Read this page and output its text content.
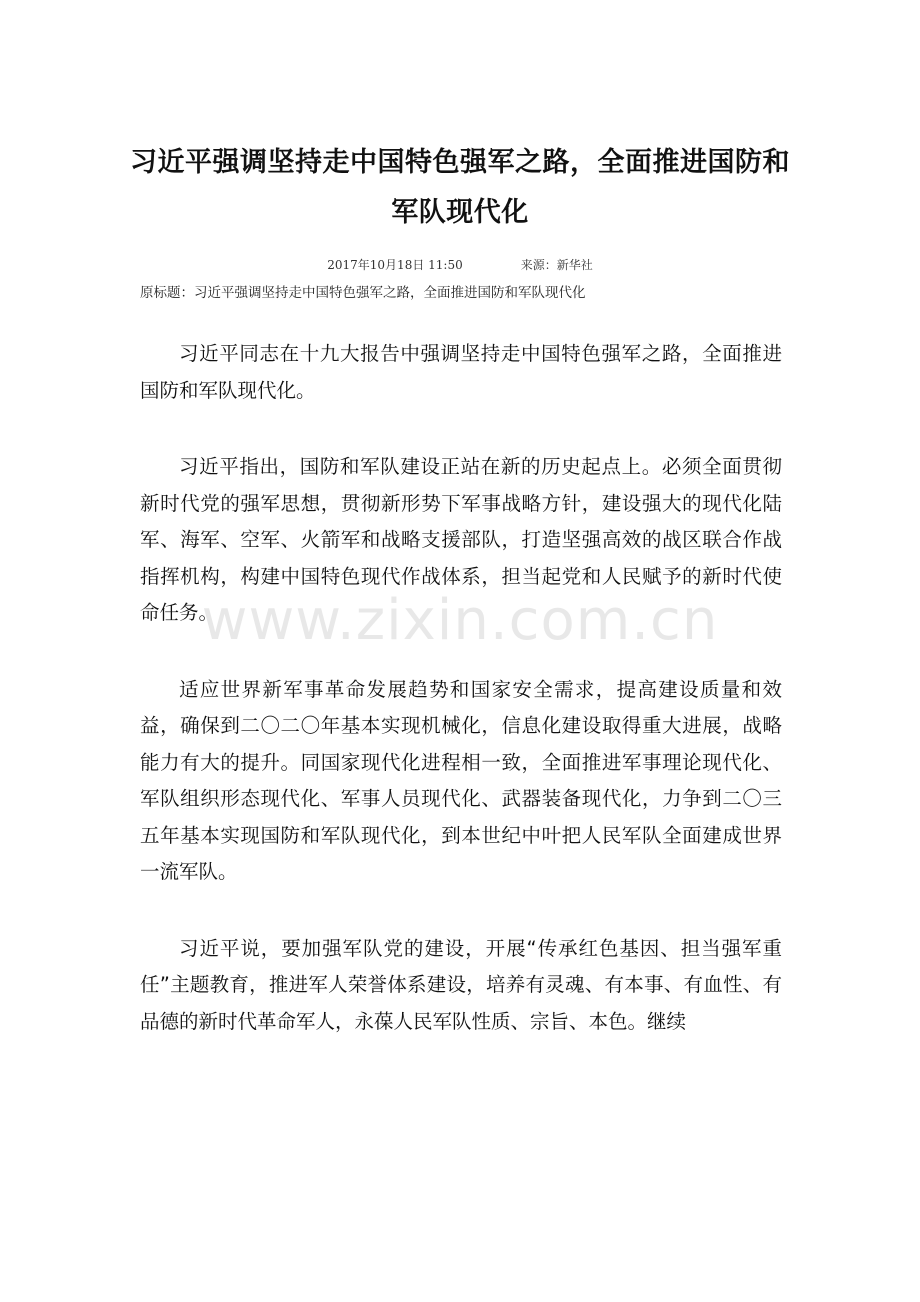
习近平强调坚持走中国特色强军之路，全面推进国防和军队现代化
2017年10月18日 11:50	来源：新华社
原标题：习近平强调坚持走中国特色强军之路，全面推进国防和军队现代化

习近平同志在十九大报告中强调坚持走中国特色强军之路，全面推进国防和军队现代化。

习近平指出，国防和军队建设正站在新的历史起点上。必须全面贯彻新时代党的强军思想，贯彻新形势下军事战略方针，建设强大的现代化陆军、海军、空军、火箭军和战略支援部队，打造坚强高效的战区联合作战指挥机构，构建中国特色现代作战体系，担当起党和人民赋予的新时代使命任务。

适应世界新军事革命发展趋势和国家安全需求，提高建设质量和效益，确保到二〇二〇年基本实现机械化，信息化建设取得重大进展，战略能力有大的提升。同国家现代化进程相一致，全面推进军事理论现代化、军队组织形态现代化、军事人员现代化、武器装备现代化，力争到二〇三五年基本实现国防和军队现代化，到本世纪中叶把人民军队全面建成世界一流军队。

习近平说，要加强军队党的建设，开展“传承红色基因、担当强军重任”主题教育，推进军人荣誉体系建设，培养有灵魂、有本事、有血性、有品德的新时代革命军人，永葆人民军队性质、宗旨、本色。继续

www.zixin.com.cn
